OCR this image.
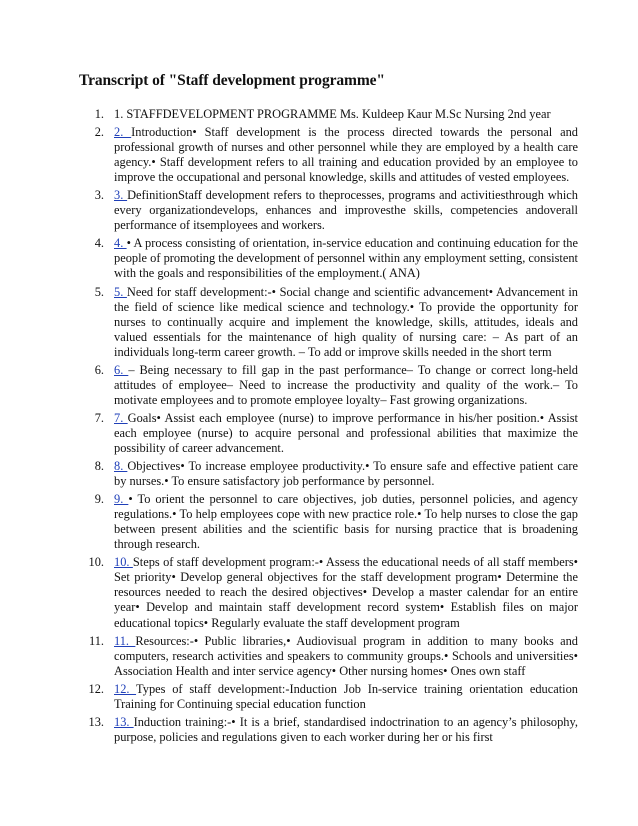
Transcript of "Staff development programme"
1. 1. STAFFDEVELOPMENT PROGRAMME Ms. Kuldeep Kaur M.Sc Nursing 2nd year
2. 2. Introduction• Staff development is the process directed towards the personal and professional growth of nurses and other personnel while they are employed by a health care agency.• Staff development refers to all training and education provided by an employee to improve the occupational and personal knowledge, skills and attitudes of vested employees.
3. 3. DefinitionStaff development refers to theprocesses, programs and activitiesthrough which every organizationdevelops, enhances and improvesthe skills, competencies andoverall performance of itsemployees and workers.
4. 4. • A process consisting of orientation, in-service education and continuing education for the people of promoting the development of personnel within any employment setting, consistent with the goals and responsibilities of the employment.( ANA)
5. 5. Need for staff development:-• Social change and scientific advancement• Advancement in the field of science like medical science and technology.• To provide the opportunity for nurses to continually acquire and implement the knowledge, skills, attitudes, ideals and valued essentials for the maintenance of high quality of nursing care: – As part of an individuals long-term career growth. – To add or improve skills needed in the short term
6. 6. – Being necessary to fill gap in the past performance– To change or correct long-held attitudes of employee– Need to increase the productivity and quality of the work.– To motivate employees and to promote employee loyalty– Fast growing organizations.
7. 7. Goals• Assist each employee (nurse) to improve performance in his/her position.• Assist each employee (nurse) to acquire personal and professional abilities that maximize the possibility of career advancement.
8. 8. Objectives• To increase employee productivity.• To ensure safe and effective patient care by nurses.• To ensure satisfactory job performance by personnel.
9. 9. • To orient the personnel to care objectives, job duties, personnel policies, and agency regulations.• To help employees cope with new practice role.• To help nurses to close the gap between present abilities and the scientific basis for nursing practice that is broadening through research.
10. 10. Steps of staff development program:-• Assess the educational needs of all staff members• Set priority• Develop general objectives for the staff development program• Determine the resources needed to reach the desired objectives• Develop a master calendar for an entire year• Develop and maintain staff development record system• Establish files on major educational topics• Regularly evaluate the staff development program
11. 11. Resources:-• Public libraries,• Audiovisual program in addition to many books and computers, research activities and speakers to community groups.• Schools and universities• Association Health and inter service agency• Other nursing homes• Ones own staff
12. 12. Types of staff development:-Induction Job In-service training orientation education Training for Continuing special education function
13. 13. Induction training:-• It is a brief, standardised indoctrination to an agency’s philosophy, purpose, policies and regulations given to each worker during her or his first
